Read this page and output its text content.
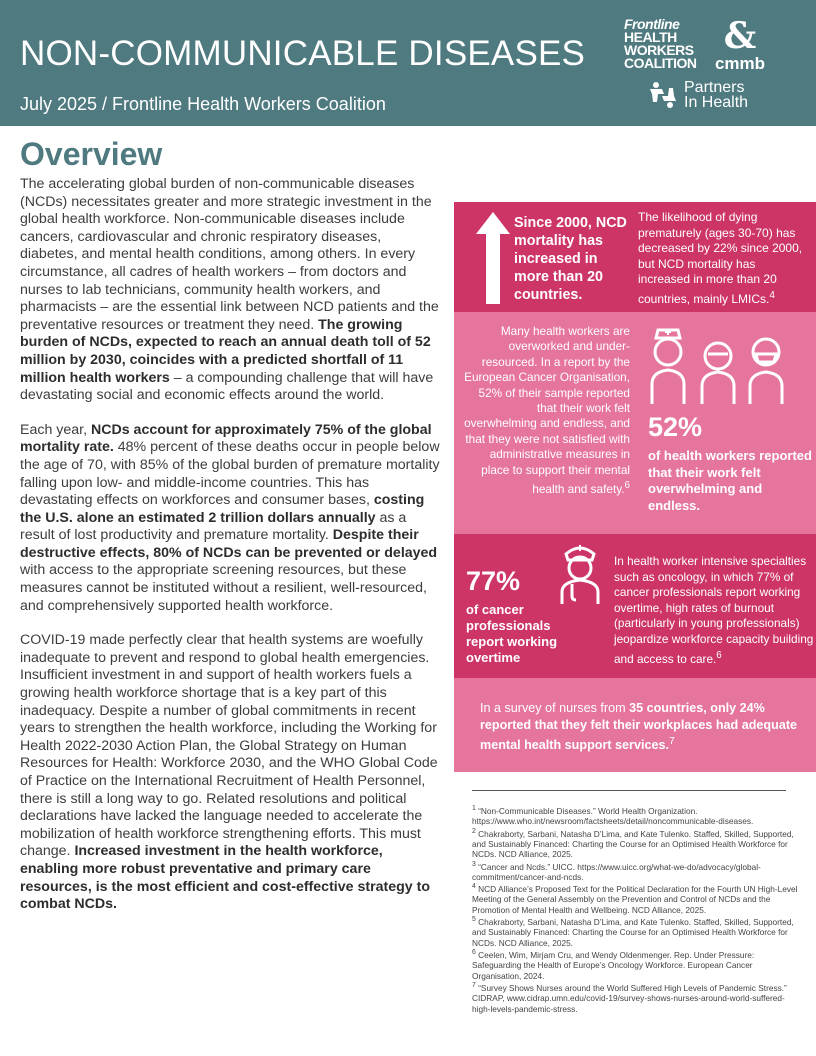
NON-COMMUNICABLE DISEASES
July 2025 / Frontline Health Workers Coalition
Frontline
HEALTH
WORKERS
COALITION
&
cmmb
Partners
In Health
Overview

The accelerating global burden of non-communicable diseases (NCDs) necessitates greater and more strategic investment in the global health workforce. Non-communicable diseases include cancers, cardiovascular and chronic respiratory diseases, diabetes, and mental health conditions, among others. In every circumstance, all cadres of health workers – from doctors and nurses to lab technicians, community health workers, and pharmacists – are the essential link between NCD patients and the preventative resources or treatment they need. The growing burden of NCDs, expected to reach an annual death toll of 52 million by 2030, coincides with a predicted shortfall of 11 million health workers – a compounding challenge that will have devastating social and economic effects around the world.

Each year, NCDs account for approximately 75% of the global mortality rate. 48% percent of these deaths occur in people below the age of 70, with 85% of the global burden of premature mortality falling upon low- and middle-income countries. This has devastating effects on workforces and consumer bases, costing the U.S. alone an estimated 2 trillion dollars annually as a result of lost productivity and premature mortality. Despite their destructive effects, 80% of NCDs can be prevented or delayed with access to the appropriate screening resources, but these measures cannot be instituted without a resilient, well-resourced, and comprehensively supported health workforce.

COVID-19 made perfectly clear that health systems are woefully inadequate to prevent and respond to global health emergencies. Insufficient investment in and support of health workers fuels a growing health workforce shortage that is a key part of this inadequacy. Despite a number of global commitments in recent years to strengthen the health workforce, including the Working for Health 2022-2030 Action Plan, the Global Strategy on Human Resources for Health: Workforce 2030, and the WHO Global Code of Practice on the International Recruitment of Health Personnel, there is still a long way to go. Related resolutions and political declarations have lacked the language needed to accelerate the mobilization of health workforce strengthening efforts. This must change. Increased investment in the health workforce, enabling more robust preventative and primary care resources, is the most efficient and cost-effective strategy to combat NCDs.

Since 2000, NCD mortality has increased in more than 20 countries.
The likelihood of dying prematurely (ages 30-70) has decreased by 22% since 2000, but NCD mortality has increased in more than 20 countries, mainly LMICs.$^4$
Many health workers are overworked and under-resourced. In a report by the European Cancer Organisation, 52% of their sample reported that their work felt overwhelming and endless, and that they were not satisfied with administrative measures in place to support their mental health and safety.$^6$
52%
of health workers reported that their work felt overwhelming and endless.
77%
of cancer professionals report working overtime
In health worker intensive specialties such as oncology, in which 77% of cancer professionals report working overtime, high rates of burnout (particularly in young professionals) jeopardize workforce capacity building and access to care.$^6$
In a survey of nurses from 35 countries, only 24% reported that they felt their workplaces had adequate mental health support services.$^7$

$^1$ “Non-Communicable Diseases.” World Health Organization. https://www.who.int/newsroom/factsheets/detail/noncommunicable-diseases.

$^2$ Chakraborty, Sarbani, Natasha D’Lima, and Kate Tulenko. Staffed, Skilled, Supported, and Sustainably Financed: Charting the Course for an Optimised Health Workforce for NCDs. NCD Alliance, 2025.

$^3$ “Cancer and Ncds.” UICC. https://www.uicc.org/what-we-do/advocacy/global-commitment/cancer-and-ncds.

$^4$ NCD Alliance’s Proposed Text for the Political Declaration for the Fourth UN High-Level Meeting of the General Assembly on the Prevention and Control of NCDs and the Promotion of Mental Health and Wellbeing. NCD Alliance, 2025.

$^5$ Chakraborty, Sarbani, Natasha D’Lima, and Kate Tulenko. Staffed, Skilled, Supported, and Sustainably Financed: Charting the Course for an Optimised Health Workforce for NCDs. NCD Alliance, 2025.

$^6$ Ceelen, Wim, Mirjam Cru, and Wendy Oldenmenger. Rep. Under Pressure: Safeguarding the Health of Europe’s Oncology Workforce. European Cancer Organisation, 2024.

$^7$ “Survey Shows Nurses around the World Suffered High Levels of Pandemic Stress.” CIDRAP, www.cidrap.umn.edu/covid-19/survey-shows-nurses-around-world-suffered-high-levels-pandemic-stress.
